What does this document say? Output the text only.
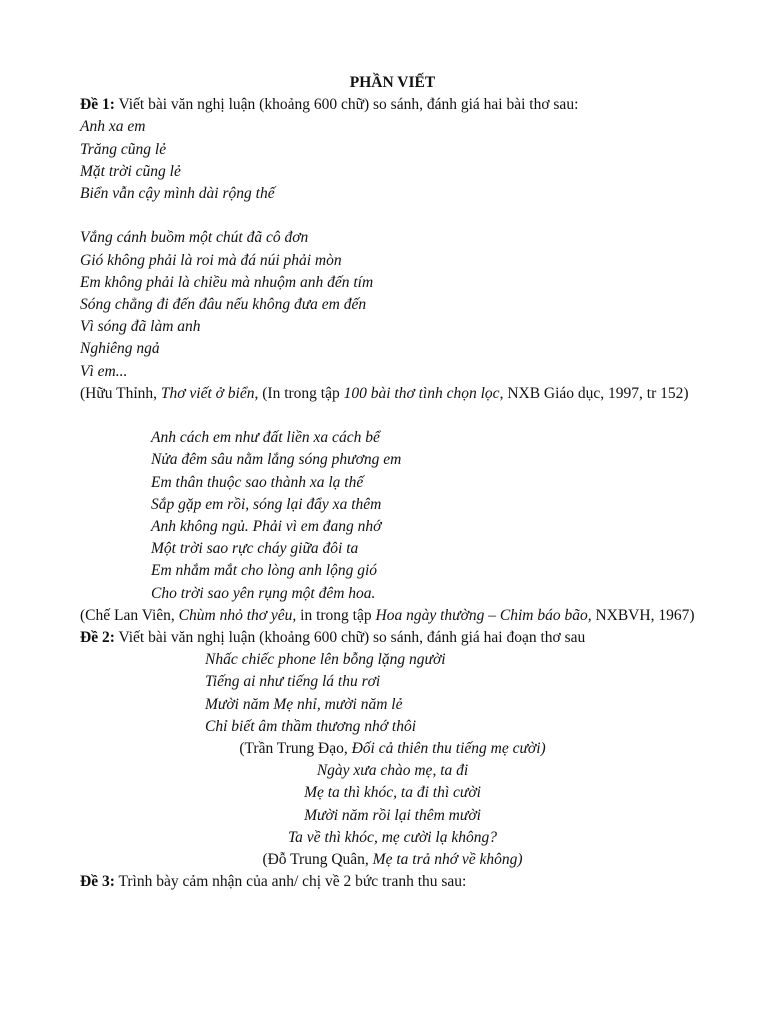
PHẦN VIẾT
Đề 1: Viết bài văn nghị luận (khoảng 600 chữ) so sánh, đánh giá hai bài thơ sau:
Anh xa em
Trăng cũng lẻ
Mặt trời cũng lẻ
Biển vẫn cậy mình dài rộng thế
Vắng cánh buồm một chút đã cô đơn
Gió không phải là roi mà đá núi phải mòn
Em không phải là chiều mà nhuộm anh đến tím
Sóng chẳng đi đến đâu nếu không đưa em đến
Vì sóng đã làm anh
Nghiêng ngả
Vì em...
(Hữu Thỉnh, Thơ viết ở biển, (In trong tập 100 bài thơ tình chọn lọc, NXB Giáo dục, 1997, tr 152)
Anh cách em như đất liền xa cách bể
Nửa đêm sâu nằm lắng sóng phương em
Em thân thuộc sao thành xa lạ thế
Sắp gặp em rồi, sóng lại đẩy xa thêm
Anh không ngủ. Phải vì em đang nhớ
Một trời sao rực cháy giữa đôi ta
Em nhắm mắt cho lòng anh lộng gió
Cho trời sao yên rụng một đêm hoa.
(Chế Lan Viên, Chùm nhỏ thơ yêu, in trong tập Hoa ngày thường – Chim báo bão, NXBVH, 1967)
Đề 2: Viết bài văn nghị luận (khoảng 600 chữ) so sánh, đánh giá hai đoạn thơ sau
Nhấc chiếc phone lên bỗng lặng người
Tiếng ai như tiếng lá thu rơi
Mười năm Mẹ nhỉ, mười năm lẻ
Chỉ biết âm thầm thương nhớ thôi
(Trần Trung Đạo, Đối cả thiên thu tiếng mẹ cười)
Ngày xưa chào mẹ, ta đi
Mẹ ta thì khóc, ta đi thì cười
Mười năm rồi lại thêm mười
Ta về thì khóc, mẹ cười lạ không?
(Đỗ Trung Quân, Mẹ ta trả nhớ về không)
Đề 3: Trình bày cảm nhận của anh/ chị về 2 bức tranh thu sau:
